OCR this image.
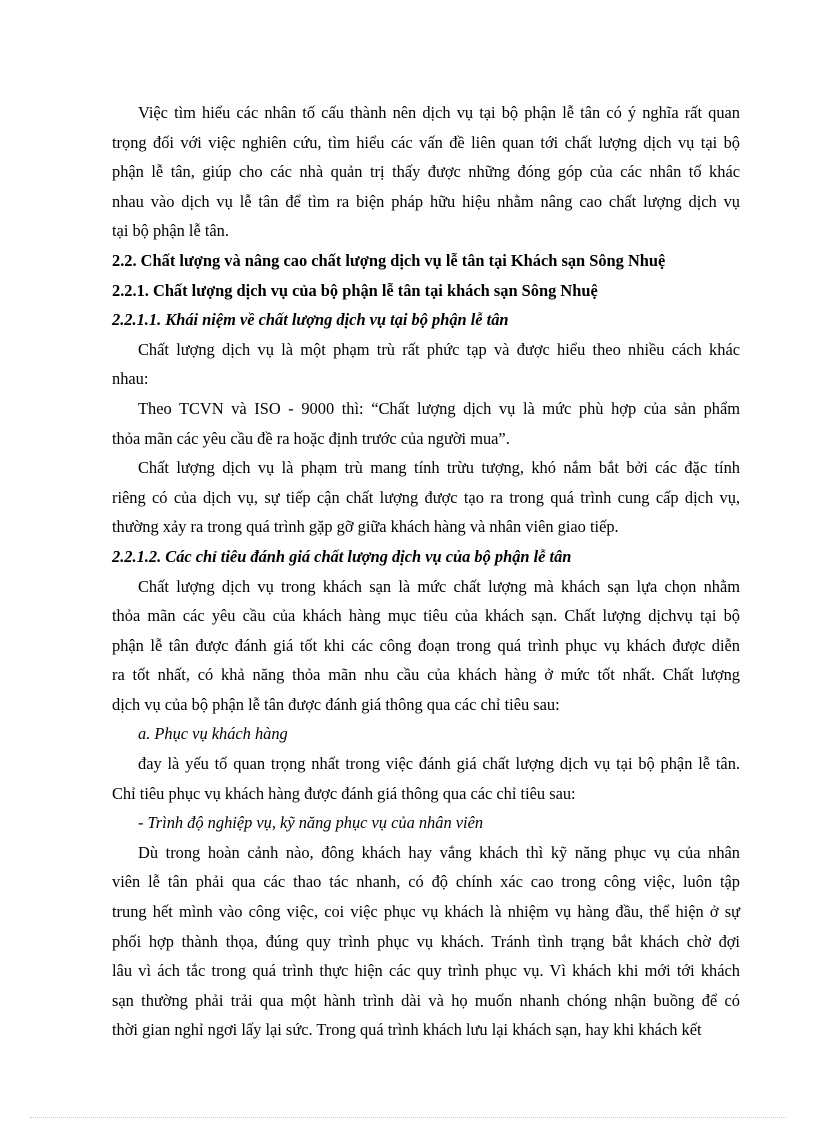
Việc tìm hiểu các nhân tố cấu thành nên dịch vụ tại bộ phận lễ tân có ý nghĩa rất quan
trọng đối với việc nghiên cứu, tìm hiểu các vấn đề liên quan tới chất lượng dịch vụ tại bộ
phận lễ tân, giúp cho các nhà quản trị thấy được những đóng góp của các nhân tố khác
nhau vào dịch vụ lễ tân để tìm ra biện pháp hữu hiệu nhằm nâng cao chất lượng dịch vụ
tại bộ phận lễ tân.
2.2. Chất lượng và nâng cao chất lượng dịch vụ lễ tân tại Khách sạn Sông Nhuệ
2.2.1. Chất lượng dịch vụ của bộ phận lễ tân tại khách sạn Sông Nhuệ
2.2.1.1. Khái niệm về chất lượng dịch vụ tại bộ phận lễ tân
Chất lượng dịch vụ là một phạm trù rất phức tạp và được hiểu theo nhiều cách khác
nhau:
Theo TCVN và ISO - 9000 thì: “Chất lượng dịch vụ là mức phù hợp của sản phẩm
thỏa mãn các yêu cầu đề ra hoặc định trước của người mua”.
Chất lượng dịch vụ là phạm trù mang tính trừu tượng, khó nắm bắt bởi các đặc tính
riêng có của dịch vụ, sự tiếp cận chất lượng được tạo ra trong quá trình cung cấp dịch vụ,
thường xảy ra trong quá trình gặp gỡ giữa khách hàng và nhân viên giao tiếp.
2.2.1.2. Các chỉ tiêu đánh giá chất lượng dịch vụ của bộ phận lễ tân
Chất lượng dịch vụ trong khách sạn là mức chất lượng mà khách sạn lựa chọn nhằm
thỏa mãn các yêu cầu của khách hàng mục tiêu của khách sạn. Chất lượng dịchvụ tại bộ
phận lễ tân được đánh giá tốt khi các công đoạn trong quá trình phục vụ khách được diễn
ra tốt nhất, có khả năng thỏa mãn nhu cầu của khách hàng ở mức tốt nhất. Chất lượng
dịch vụ của bộ phận lễ tân được đánh giá thông qua các chỉ tiêu sau:
a. Phục vụ khách hàng
đay là yếu tố quan trọng nhất trong việc đánh giá chất lượng dịch vụ tại bộ phận lễ tân.
Chỉ tiêu phục vụ khách hàng được đánh giá thông qua các chỉ tiêu sau:
- Trình độ nghiệp vụ, kỹ năng phục vụ của nhân viên
Dù trong hoàn cảnh nào, đông khách hay vắng khách thì kỹ năng phục vụ của nhân
viên lễ tân phải qua các thao tác nhanh, có độ chính xác cao trong công việc, luôn tập
trung hết mình vào công việc, coi việc phục vụ khách là nhiệm vụ hàng đầu, thể hiện ở sự
phối hợp thành thọa, đúng quy trình phục vụ khách. Tránh tình trạng bắt khách chờ đợi
lâu vì ách tắc trong quá trình thực hiện các quy trình phục vụ. Vì khách khi mới tới khách
sạn thường phải trải qua một hành trình dài và họ muốn nhanh chóng nhận buồng để có
thời gian nghỉ ngơi lấy lại sức. Trong quá trình khách lưu lại khách sạn, hay khi khách kết
